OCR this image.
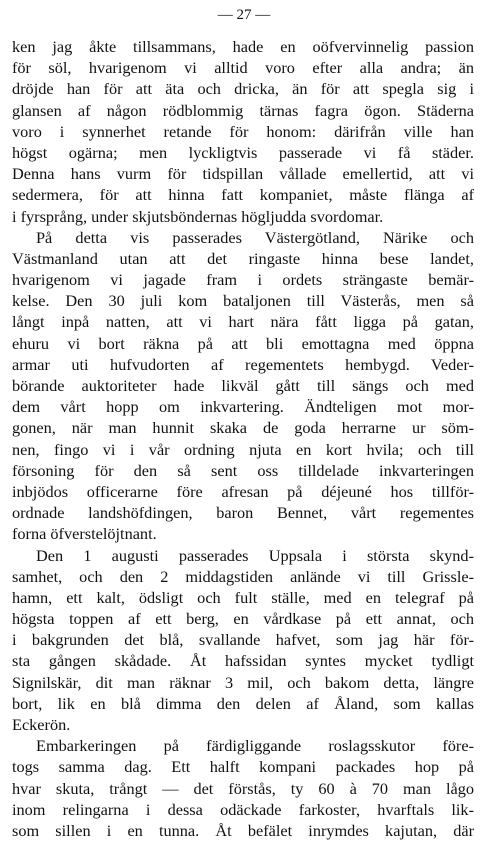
— 27 —
ken jag åkte tillsammans, hade en oöfvervinnelig passion
för söl, hvarigenom vi alltid voro efter alla andra; än
dröjde han för att äta och dricka, än för att spegla sig i
glansen af någon rödblommig tärnas fagra ögon. Städerna
voro i synnerhet retande för honom: därifrån ville han
högst ogärna; men lyckligtvis passerade vi få städer.
Denna hans vurm för tidspillan vållade emellertid, att vi
sedermera, för att hinna fatt kompaniet, måste flänga af
i fyrsprång, under skjutsböndernas högljudda svordomar.
På detta vis passerades Västergötland, Närike och
Västmanland utan att det ringaste hinna bese landet,
hvarigenom vi jagade fram i ordets strängaste bemär-
kelse. Den 30 juli kom bataljonen till Västerås, men så
långt inpå natten, att vi hart nära fått ligga på gatan,
ehuru vi bort räkna på att bli emottagna med öppna
armar uti hufvudorten af regementets hembygd. Veder-
börande auktoriteter hade likväl gått till sängs och med
dem vårt hopp om inkvartering. Ändteligen mot mor-
gonen, när man hunnit skaka de goda herrarne ur söm-
nen, fingo vi i vår ordning njuta en kort hvila; och till
försoning för den så sent oss tilldelade inkvarteringen
inbjödos officerarne före afresan på déjeuné hos tillför-
ordnade landshöfdingen, baron Bennet, vårt regementes
forna öfverstelöjtnant.
Den 1 augusti passerades Uppsala i största skynd-
samhet, och den 2 middagstiden anlände vi till Grissle-
hamn, ett kalt, ödsligt och fult ställe, med en telegraf på
högsta toppen af ett berg, en vårdkase på ett annat, och
i bakgrunden det blå, svallande hafvet, som jag här för-
sta gången skådade. Åt hafssidan syntes mycket tydligt
Signilskär, dit man räknar 3 mil, och bakom detta, längre
bort, lik en blå dimma den delen af Åland, som kallas
Eckerön.
Embarkeringen på färdigliggande roslagsskutor före-
togs samma dag. Ett halft kompani packades hop på
hvar skuta, trångt — det förstås, ty 60 à 70 man lågo
inom relingarna i dessa odäckade farkoster, hvarftals lik-
som sillen i en tunna. Åt befälet inrymdes kajutan, där
